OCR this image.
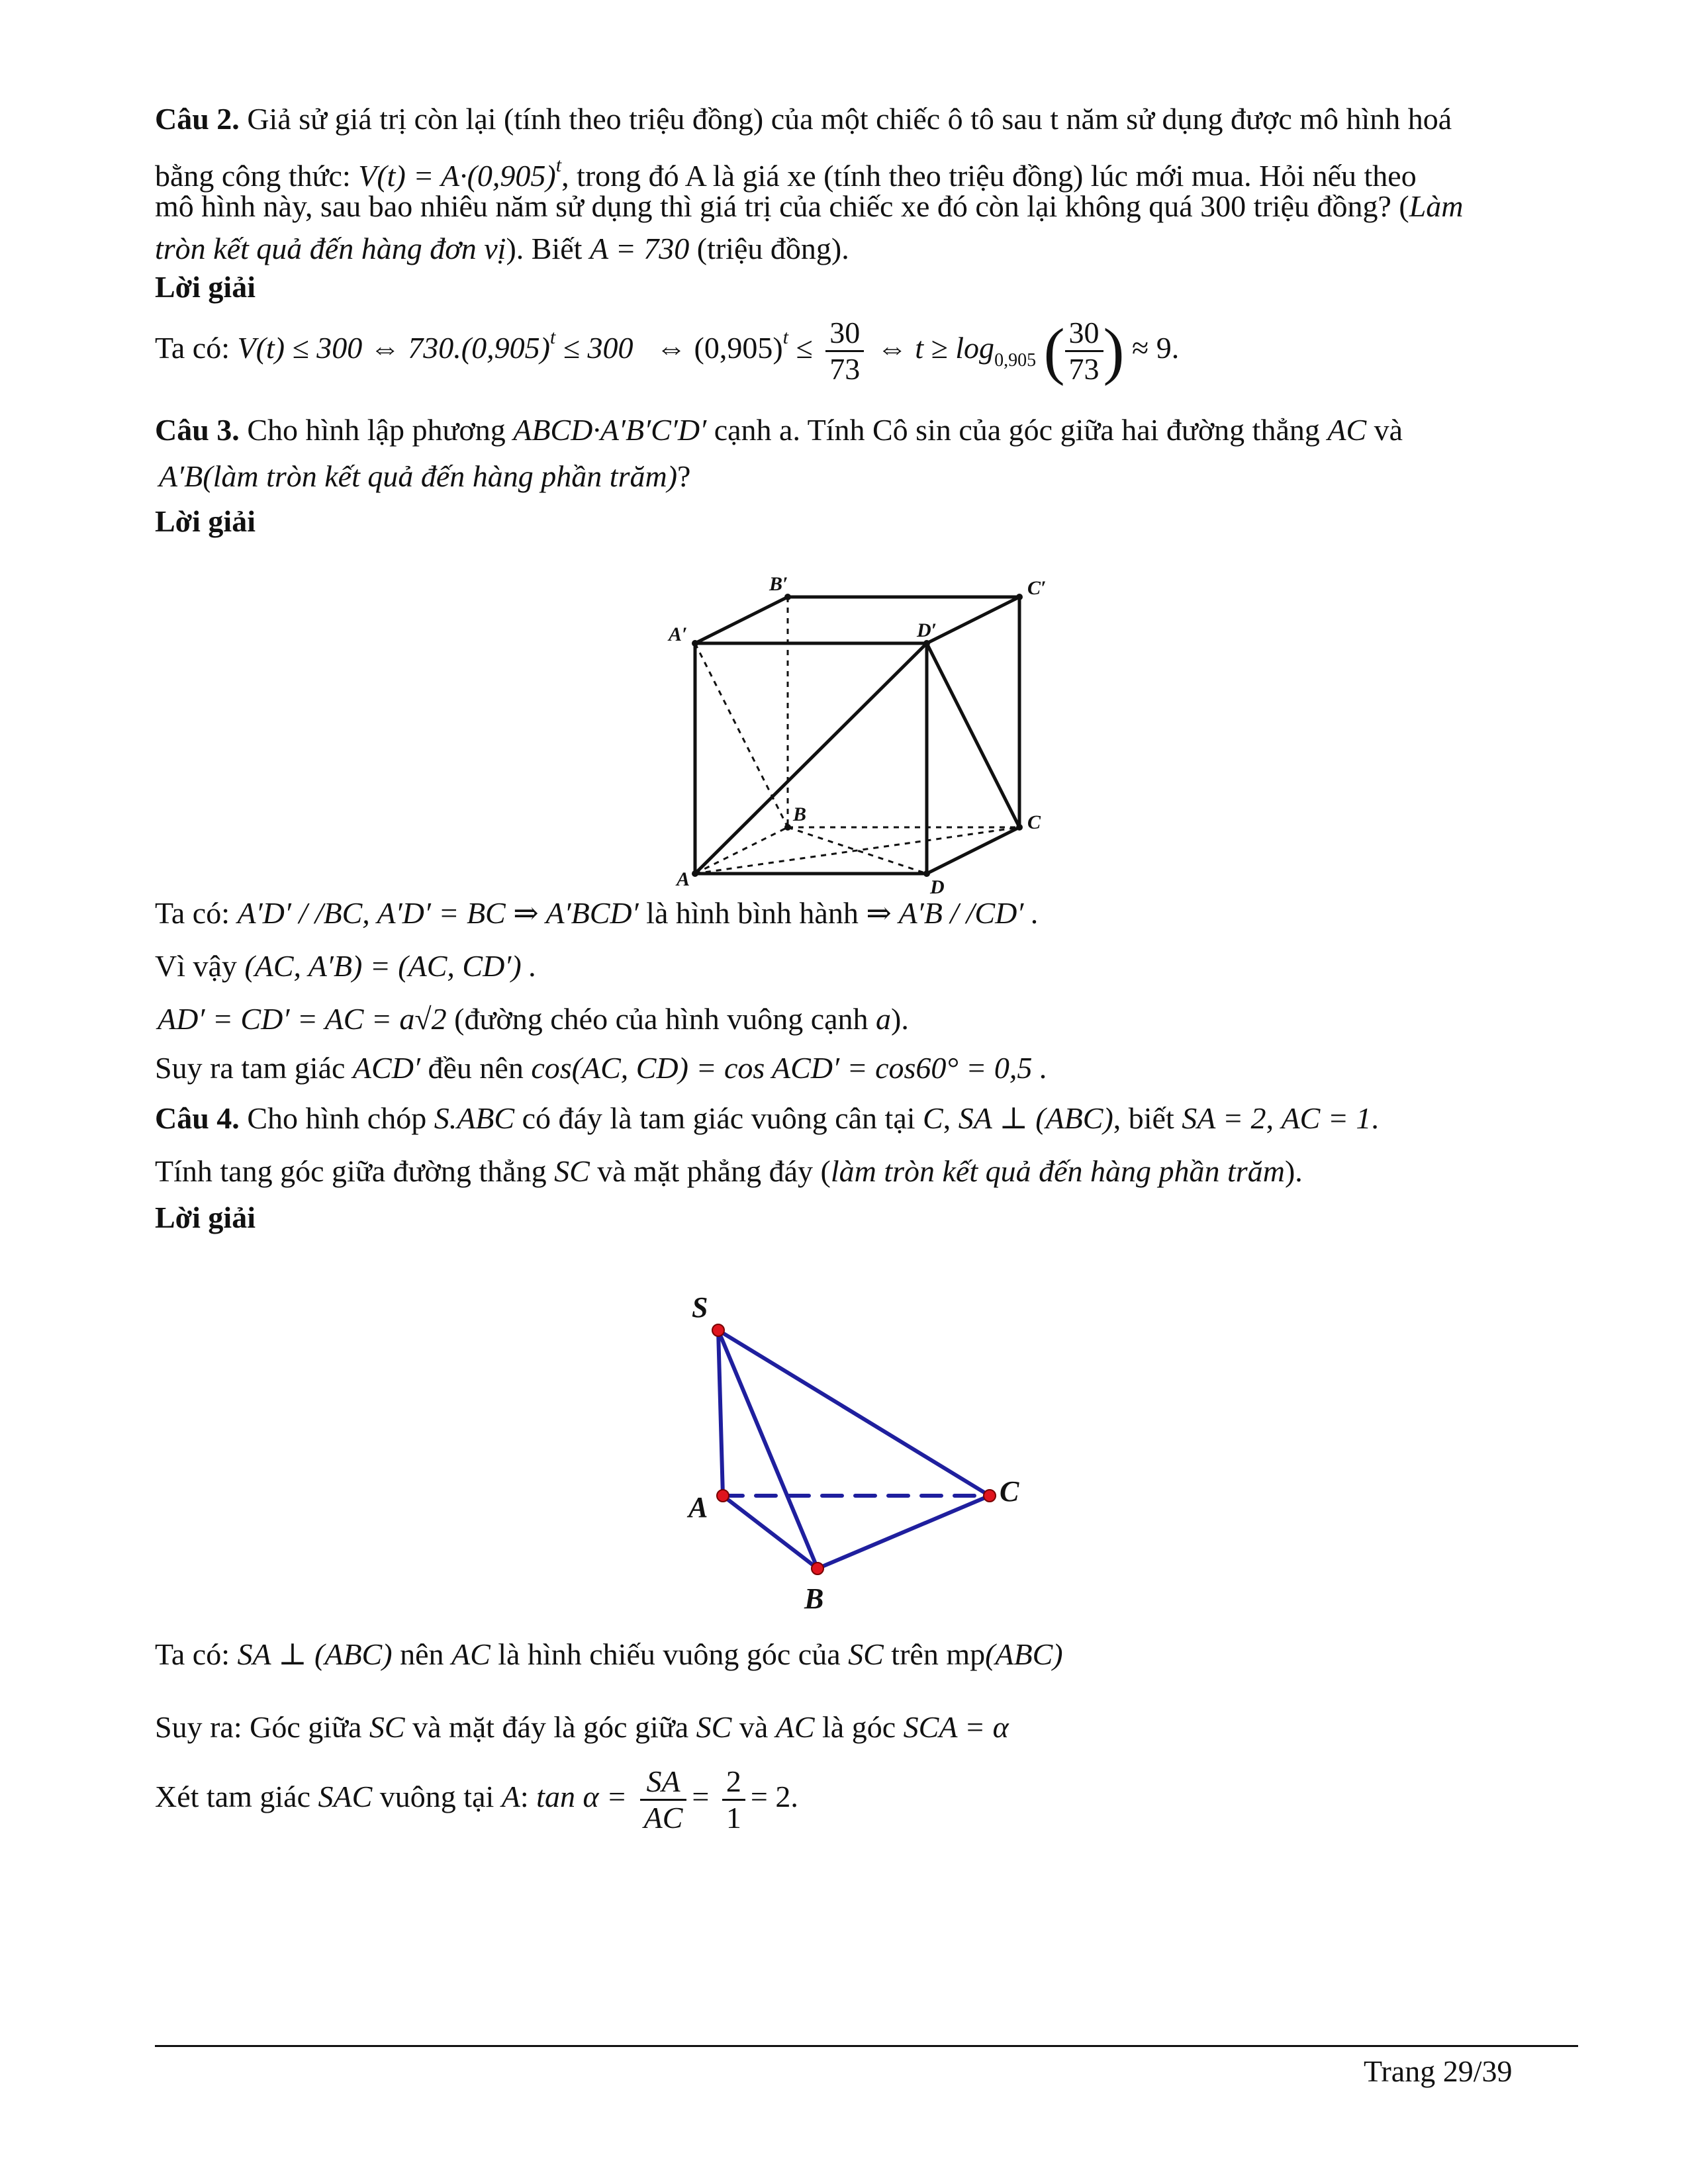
Câu 2. Giả sử giá trị còn lại (tính theo triệu đồng) của một chiếc ô tô sau t năm sử dụng được mô hình hoá
bằng công thức: $V(t) = A\cdot(0,905)^t$, trong đó A là giá xe (tính theo triệu đồng) lúc mới mua. Hỏi nếu theo
mô hình này, sau bao nhiêu năm sử dụng thì giá trị của chiếc xe đó còn lại không quá 300 triệu đồng? (Làm
tròn kết quả đến hàng đơn vị). Biết A = 730 (triệu đồng).
Lời giải
Ta có: V(t) ≤ 300 ⇔ $730.(0,905)^t \le 300$ ⇔ $(0,905)^t \le \frac{30}{73}$ ⇔ $t \ge \log_{0,905}$ ( $\frac{30}{73}$ ) ≈ 9.
Câu 3. Cho hình lập phương ABCD·A′B′C′D′ cạnh a. Tính Cô sin của góc giữa hai đường thẳng AC và
A′B(làm tròn kết quả đến hàng phần trăm)?
Lời giải
A	D
B	C
A′
B′	C′
D′
Ta có: A′D′ / /BC, A′D′ = BC ⇒ A′BCD′ là hình bình hành ⇒ A′B / /CD′ .
Vì vậy (AC, A′B) = (AC, CD′) .
AD′ = CD′ = AC = a√2 (đường chéo của hình vuông cạnh a).
Suy ra tam giác ACD′ đều nên cos(AC, CD) = cos ACD′ = cos60° = 0,5 .
Câu 4. Cho hình chóp S.ABC có đáy là tam giác vuông cân tại C, SA ⊥ (ABC), biết SA = 2, AC = 1.
Tính tang góc giữa đường thẳng SC và mặt phẳng đáy (làm tròn kết quả đến hàng phần trăm).
Lời giải
S
A
B
C
Ta có: SA ⊥ (ABC) nên AC là hình chiếu vuông góc của SC trên mp(ABC)
Suy ra: Góc giữa SC và mặt đáy là góc giữa SC và AC là góc SCA = α
Xét tam giác SAC vuông tại A: $\tan \alpha = \frac{SA}{AC} = \frac{2}{1} = 2$.
Trang 29/39
